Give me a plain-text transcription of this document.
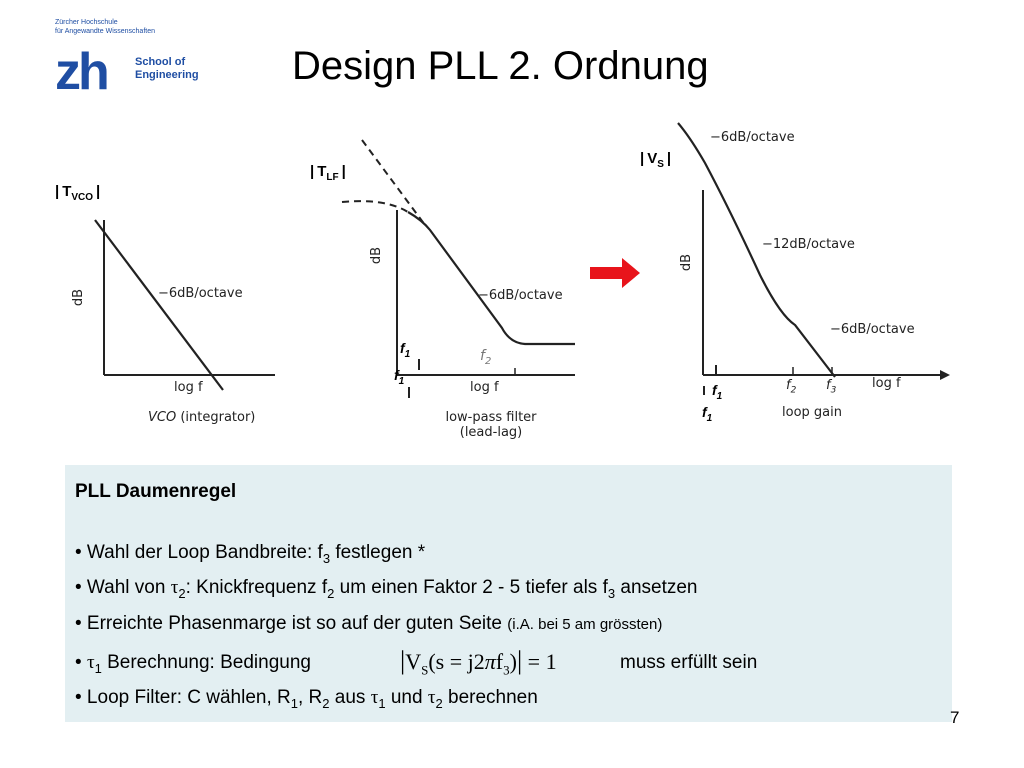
Zürcher Hochschule
für Angewandte Wissenschaften
zh	School of
Engineering Design PLL 2. Ordnung
| $T_{VCO}$ |
dB	−6dB/octave
log f
VCO (integrator)
| $T_{LF}$ |
dB
−6dB/octave
$f_1$
$f_1$
$f_2$
log f
low-pass filter
(lead-lag)
| $V_S$ |
dB
−6dB/octave
−12dB/octave
−6dB/octave
$f_1$
$f_1$
$f_2$ $f_3$	log f
loop gain
PLL Daumenregel
• Wahl der Loop Bandbreite: $f_3$ festlegen *
• Wahl von $\tau_2$: Knickfrequenz $f_2$ um einen Faktor 2 - 5 tiefer als $f_3$ ansetzen
• Erreichte Phasenmarge ist so auf der guten Seite (i.A. bei 5 am grössten)
• $\tau_1$ Berechnung: Bedingung	$|V_S(s = j2\pi f_3)| = 1$	muss erfüllt sein
• Loop Filter: C wählen, $R_1$, $R_2$ aus $\tau_1$ und $\tau_2$ berechnen
7
